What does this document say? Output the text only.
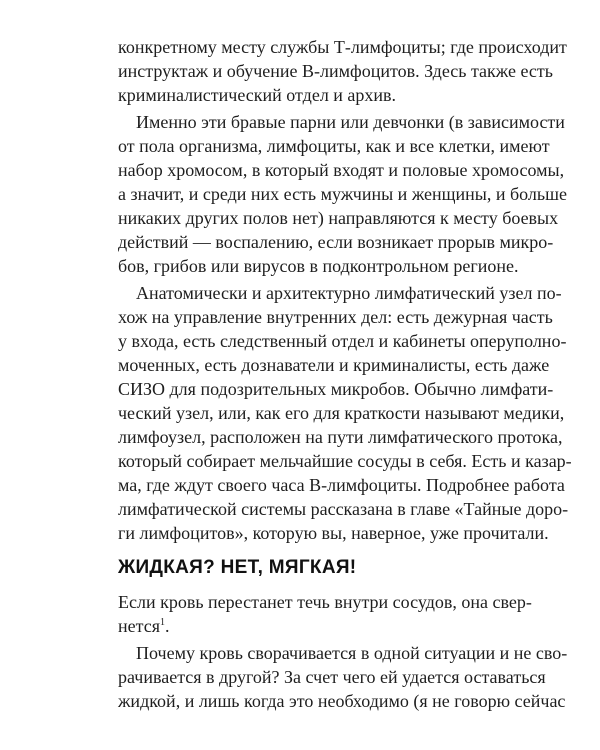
конкретному месту службы Т-лимфоциты; где происходит
инструктаж и обучение В-лимфоцитов. Здесь также есть
криминалистический отдел и архив.
Именно эти бравые парни или девчонки (в зависимости
от пола организма, лимфоциты, как и все клетки, имеют
набор хромосом, в который входят и половые хромосомы,
а значит, и среди них есть мужчины и женщины, и больше
никаких других полов нет) направляются к месту боевых
действий — воспалению, если возникает прорыв микро-
бов, грибов или вирусов в подконтрольном регионе.
Анатомически и архитектурно лимфатический узел по-
хож на управление внутренних дел: есть дежурная часть
у входа, есть следственный отдел и кабинеты оперуполно-
моченных, есть дознаватели и криминалисты, есть даже
СИЗО для подозрительных микробов. Обычно лимфати-
ческий узел, или, как его для краткости называют медики,
лимфоузел, расположен на пути лимфатического протока,
который собирает мельчайшие сосуды в себя. Есть и казар-
ма, где ждут своего часа В-лимфоциты. Подробнее работа
лимфатической системы рассказана в главе «Тайные доро-
ги лимфоцитов», которую вы, наверное, уже прочитали.
ЖИДКАЯ? НЕТ, МЯГКАЯ!
Если кровь перестанет течь внутри сосудов, она свер-
нется$^1$.
Почему кровь сворачивается в одной ситуации и не сво-
рачивается в другой? За счет чего ей удается оставаться
жидкой, и лишь когда это необходимо (я не говорю сейчас
